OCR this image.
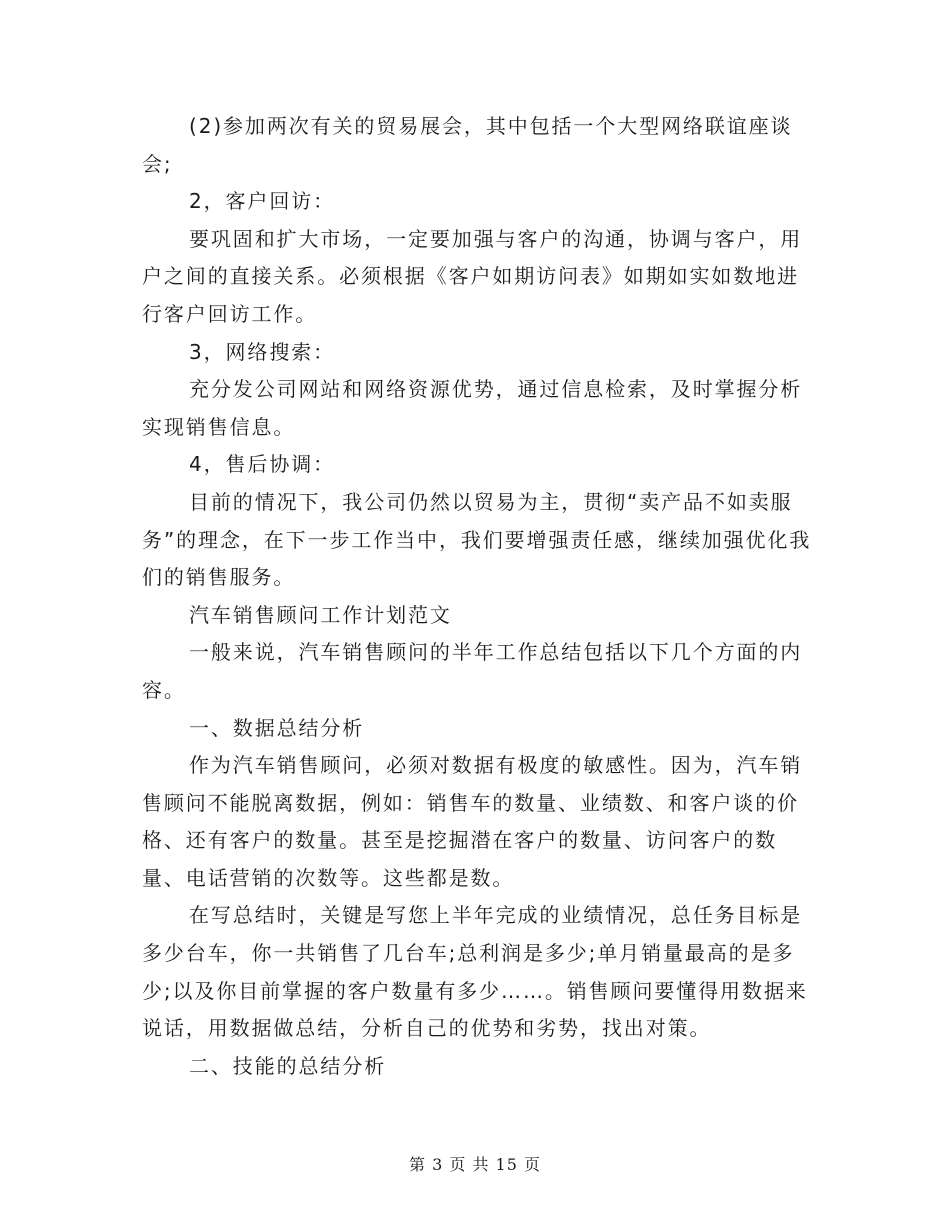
(2)参加两次有关的贸易展会，其中包括一个大型网络联谊座谈会;

2，客户回访：

要巩固和扩大市场，一定要加强与客户的沟通，协调与客户，用户之间的直接关系。必须根据《客户如期访问表》如期如实如数地进行客户回访工作。

3，网络搜索：

充分发公司网站和网络资源优势，通过信息检索，及时掌握分析实现销售信息。

4，售后协调：

目前的情况下，我公司仍然以贸易为主，贯彻“卖产品不如卖服务”的理念，在下一步工作当中，我们要增强责任感，继续加强优化我们的销售服务。

汽车销售顾问工作计划范文

一般来说，汽车销售顾问的半年工作总结包括以下几个方面的内容。

一、数据总结分析

作为汽车销售顾问，必须对数据有极度的敏感性。因为，汽车销售顾问不能脱离数据，例如：销售车的数量、业绩数、和客户谈的价格、还有客户的数量。甚至是挖掘潜在客户的数量、访问客户的数量、电话营销的次数等。这些都是数。

在写总结时，关键是写您上半年完成的业绩情况，总任务目标是多少台车，你一共销售了几台车;总利润是多少;单月销量最高的是多少;以及你目前掌握的客户数量有多少……。销售顾问要懂得用数据来说话，用数据做总结，分析自己的优势和劣势，找出对策。

二、技能的总结分析

第 3 页 共 15 页
